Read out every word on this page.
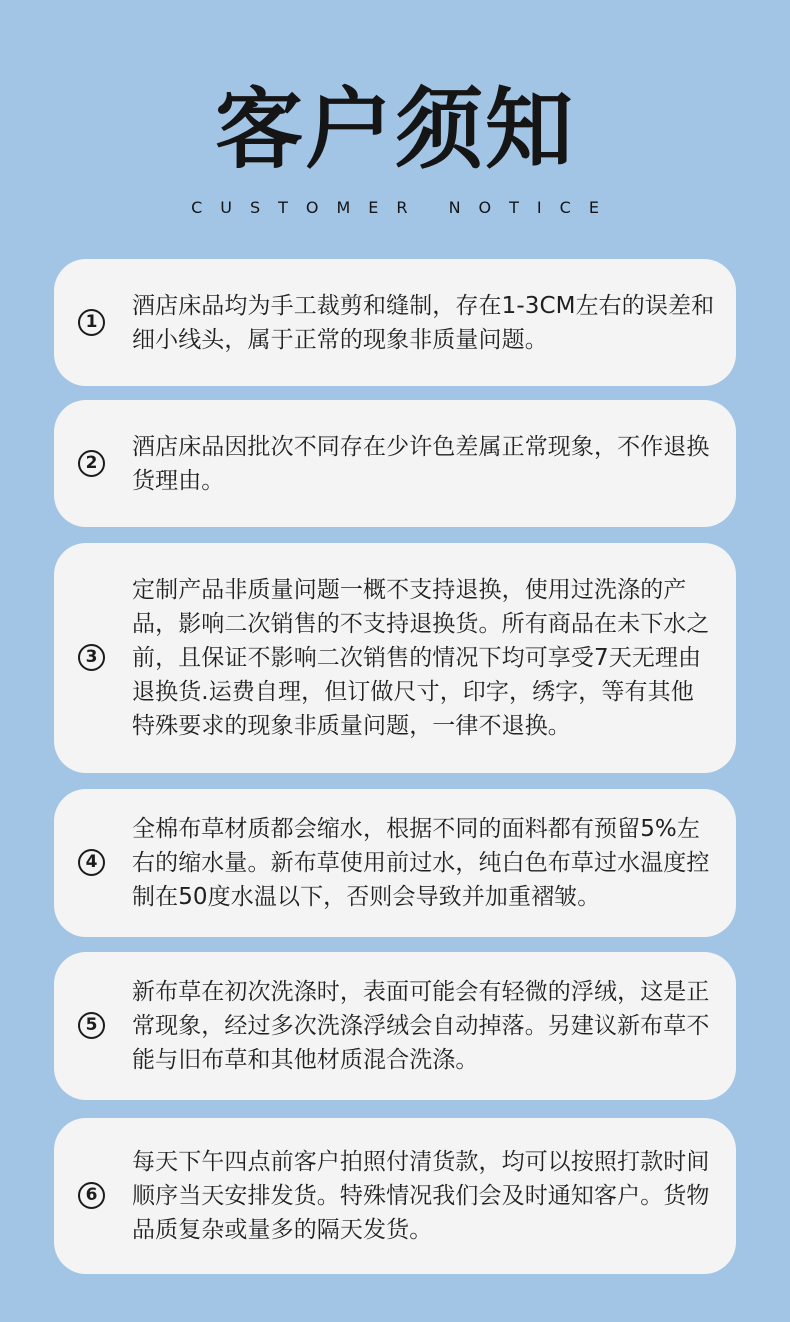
客户须知
CUSTOMER NOTICE
1
酒店床品均为手工裁剪和缝制，存在1-3CM左右的误差和细小线头，属于正常的现象非质量问题。
2
酒店床品因批次不同存在少许色差属正常现象，不作退换货理由。
3
定制产品非质量问题一概不支持退换，使用过洗涤的产品，影响二次销售的不支持退换货。所有商品在未下水之前，且保证不影响二次销售的情况下均可享受7天无理由退换货.运费自理，但订做尺寸，印字，绣字，等有其他特殊要求的现象非质量问题，一律不退换。
4
全棉布草材质都会缩水，根据不同的面料都有预留5%左右的缩水量。新布草使用前过水，纯白色布草过水温度控制在50度水温以下，否则会导致并加重褶皱。
5
新布草在初次洗涤时，表面可能会有轻微的浮绒，这是正常现象，经过多次洗涤浮绒会自动掉落。另建议新布草不能与旧布草和其他材质混合洗涤。
6
每天下午四点前客户拍照付清货款，均可以按照打款时间顺序当天安排发货。特殊情况我们会及时通知客户。货物品质复杂或量多的隔天发货。
